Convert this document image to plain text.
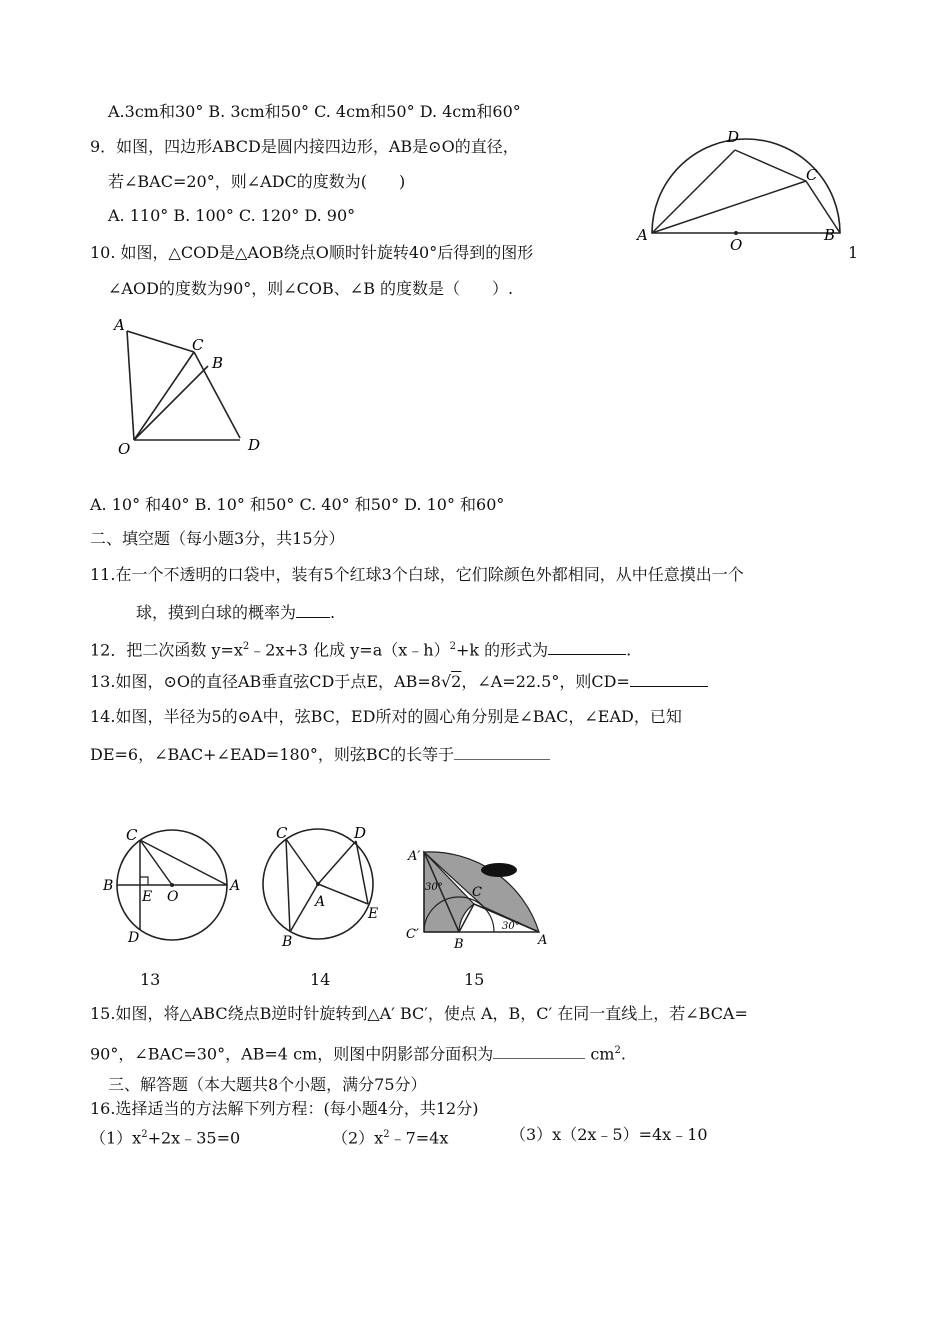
A.3cm和30° B. 3cm和50° C. 4cm和50° D. 4cm和60°
9．如图，四边形ABCD是圆内接四边形，AB是⊙O的直径，
若∠BAC=20°，则∠ADC的度数为(　　)
A. 110° B. 100° C. 120° D. 90°
D
C
A
O
B
10. 如图，△COD是△AOB绕点O顺时针旋转40°后得到的图形	1
∠AOD的度数为90°，则∠COB、∠B 的度数是（　　）.
A
C
B
O	D
A. 10° 和40° B. 10° 和50° C. 40° 和50° D. 10° 和60°
二、填空题（每小题3分，共15分）
11.在一个不透明的口袋中，装有5个红球3个白球，它们除颜色外都相同，从中任意摸出一个
球，摸到白球的概率为 .
12．把二次函数 $y=x^2﹣2x+3$ 化成 y=a（x﹣h）$^2$+k 的形式为	.
13.如图，⊙O的直径AB垂直弦CD于点E，AB=8√2，∠A=22.5°，则CD=
14.如图，半径为5的⊙A中，弦BC，ED所对的圆心角分别是∠BAC，∠EAD，已知
DE=6，∠BAC+∠EAD=180°，则弦BC的长等于
C
B
E O
A
D
C	D
A
E
B
A′
30° C
C′
B
30°
A
13	14	15
15.如图，将△ABC绕点B逆时针旋转到△A′ BC′，使点 A，B，C′ 在同一直线上，若∠BCA=
90°，∠BAC=30°，AB=4 cm，则图中阴影部分面积为	$cm^2$.
三、解答题（本大题共8个小题，满分75分）
16.选择适当的方法解下列方程：(每小题4分，共12分)
$(1)x^2+2x﹣35=0$	$(2)x^2﹣7=4x$	（3）x（2x﹣5）=4x﹣10
